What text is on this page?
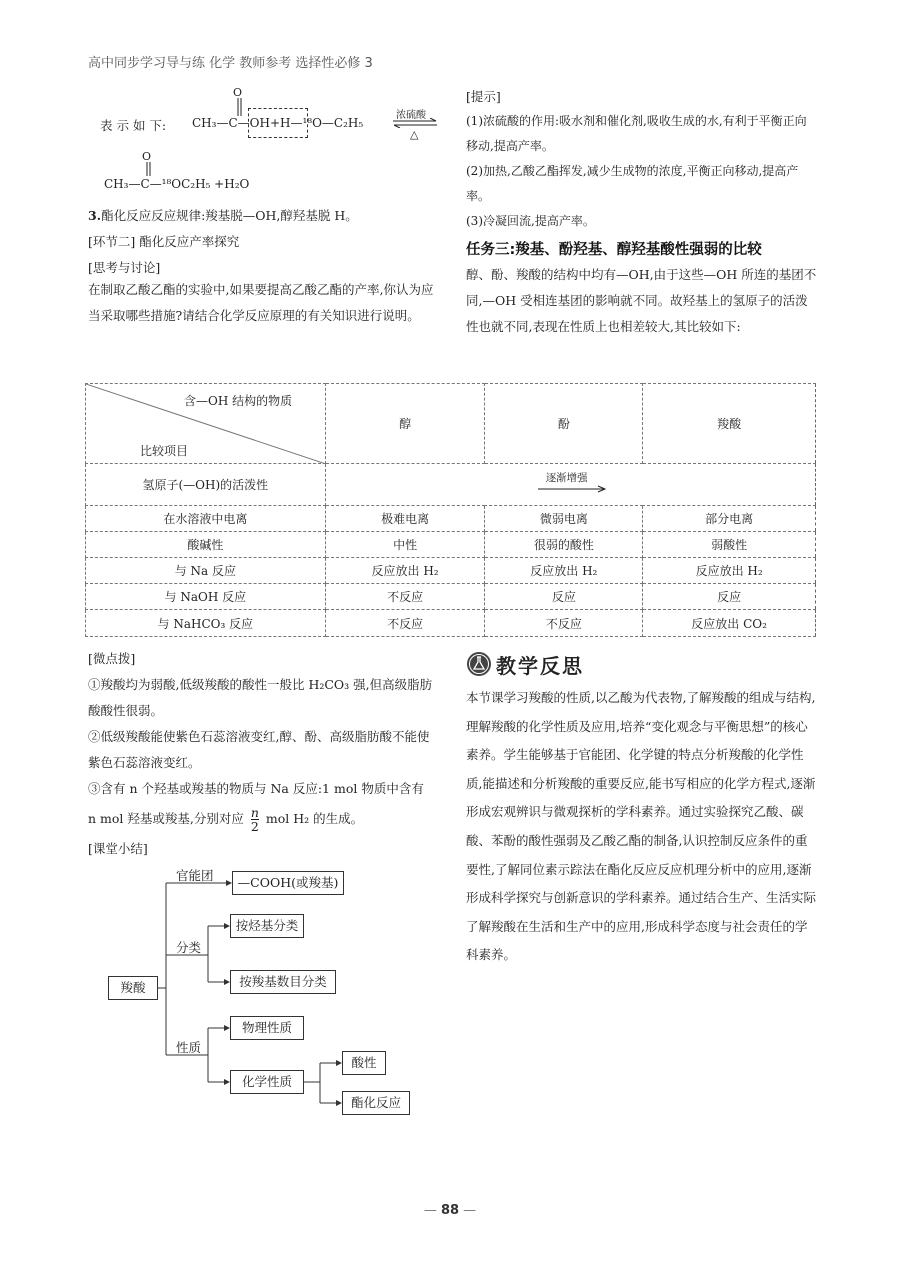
高中同步学习导与练 化学 教师参考 选择性必修 3
表 示 如 下:
O
CH₃—C—OH+H—¹⁸O—C₂H₅
浓硫酸
△
O
CH₃—C—¹⁸OC₂H₅ +H₂O

3.酯化反应反应规律:羧基脱—OH,醇羟基脱 H。

[环节二] 酯化反应产率探究

[思考与讨论]

在制取乙酸乙酯的实验中,如果要提高乙酸乙酯的产率,你认为应当采取哪些措施?请结合化学反应原理的有关知识进行说明。

[提示]

(1)浓硫酸的作用:吸水剂和催化剂,吸收生成的水,有利于平衡正向移动,提高产率。

(2)加热,乙酸乙酯挥发,减少生成物的浓度,平衡正向移动,提高产率。

(3)冷凝回流,提高产率。

任务三:羧基、酚羟基、醇羟基酸性强弱的比较

醇、酚、羧酸的结构中均有—OH,由于这些—OH 所连的基团不同,—OH 受相连基团的影响就不同。故羟基上的氢原子的活泼性也就不同,表现在性质上也相差较大,其比较如下:

含—OH 结构的物质
比较项目	醇	酚	羧酸
氢原子(—OH)的活泼性	逐渐增强		

在水溶液中电离	极难电离	微弱电离	部分电离
酸碱性	中性	很弱的酸性	弱酸性
与 Na 反应	反应放出 H₂	反应放出 H₂	反应放出 H₂
与 NaOH 反应	不反应	反应	反应
与 NaHCO₃ 反应	不反应	不反应	反应放出 CO₂

[微点拨]

①羧酸均为弱酸,低级羧酸的酸性一般比 H₂CO₃ 强,但高级脂肪酸酸性很弱。

②低级羧酸能使紫色石蕊溶液变红,醇、酚、高级脂肪酸不能使紫色石蕊溶液变红。

③含有 n 个羟基或羧基的物质与 Na 反应:1 mol 物质中含有

n mol 羟基或羧基,分别对应 $\frac{n}{2}$ mol H₂ 的生成。

[课堂小结]

羧酸
官能团	—COOH(或羧基)
分类
按烃基分类
按羧基数目分类
性质
物理性质
化学性质
酸性
酯化反应
教学反思

本节课学习羧酸的性质,以乙酸为代表物,了解羧酸的组成与结构,理解羧酸的化学性质及应用,培养“变化观念与平衡思想”的核心素养。学生能够基于官能团、化学键的特点分析羧酸的化学性质,能描述和分析羧酸的重要反应,能书写相应的化学方程式,逐渐形成宏观辨识与微观探析的学科素养。通过实验探究乙酸、碳酸、苯酚的酸性强弱及乙酸乙酯的制备,认识控制反应条件的重要性,了解同位素示踪法在酯化反应反应机理分析中的应用,逐渐形成科学探究与创新意识的学科素养。通过结合生产、生活实际了解羧酸在生活和生产中的应用,形成科学态度与社会责任的学科素养。

— 88 —
